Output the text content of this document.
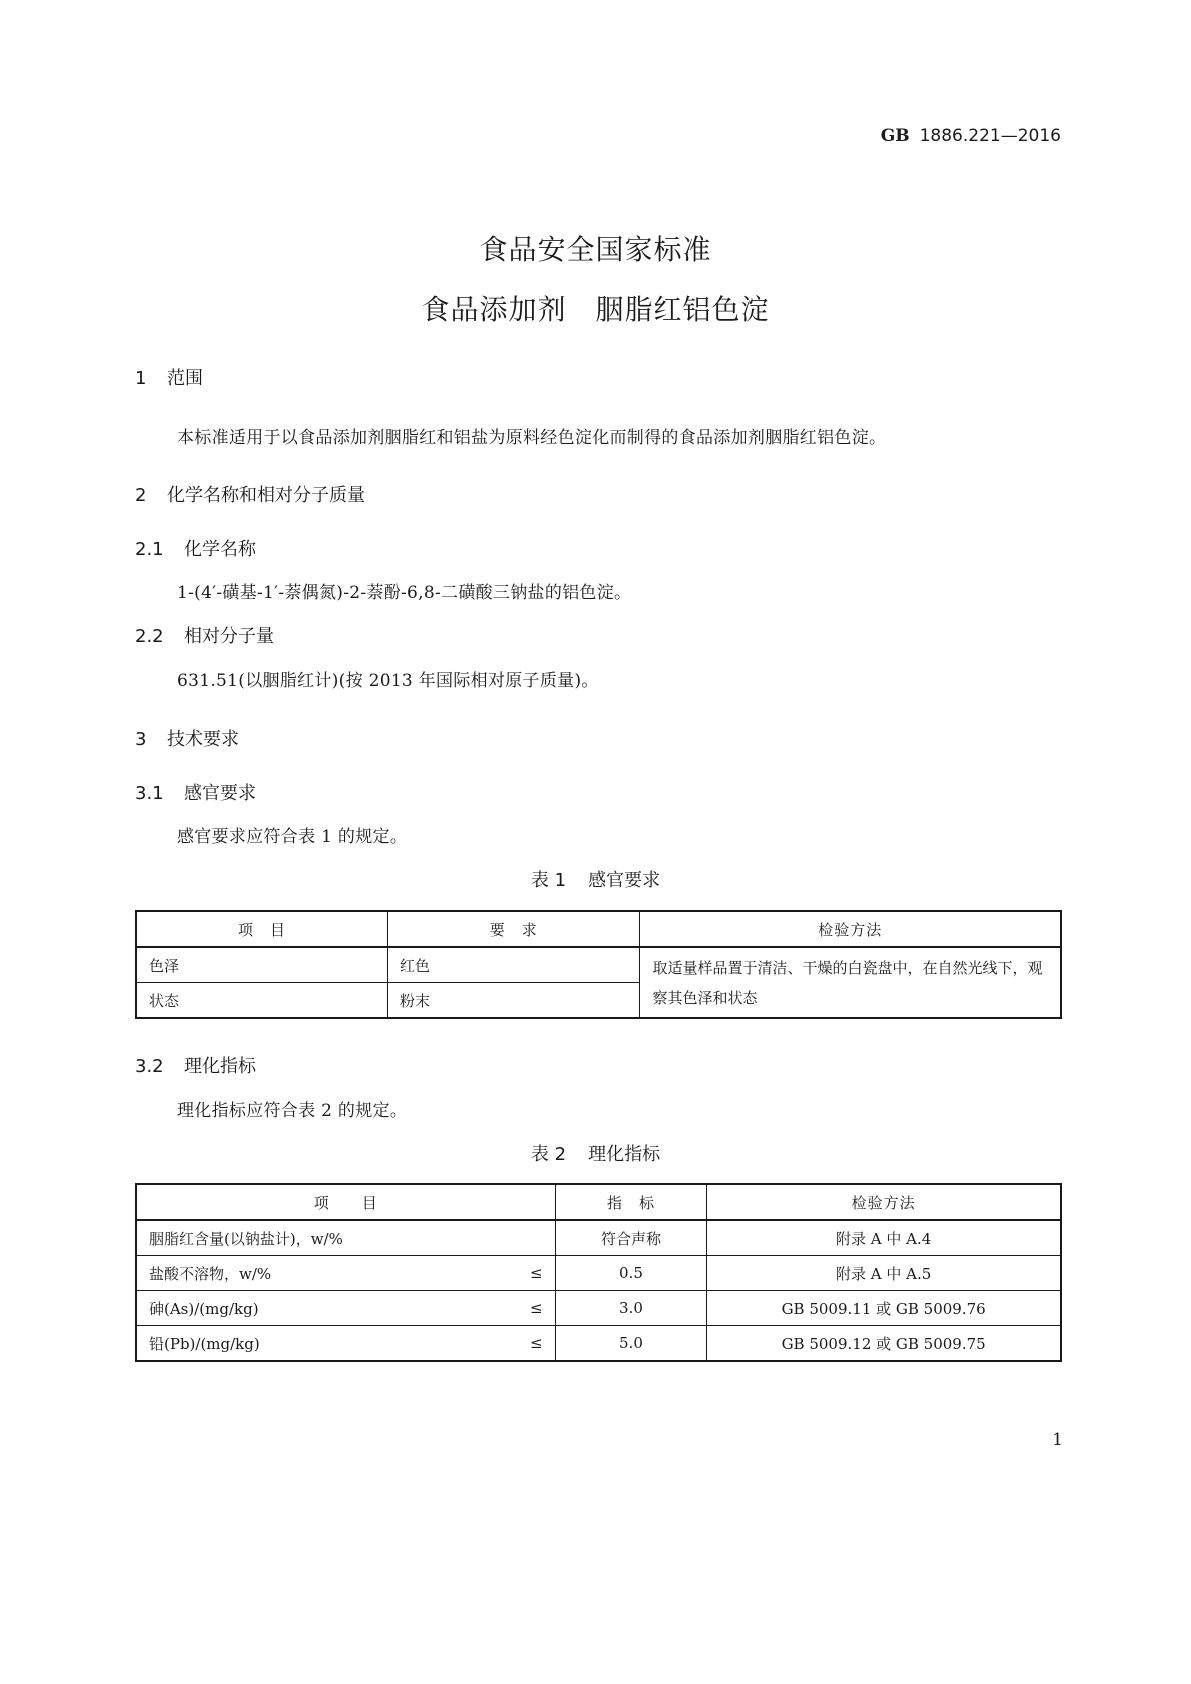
GB 1886.221—2016
食品安全国家标准
食品添加剂　胭脂红铝色淀
1 范围
本标准适用于以食品添加剂胭脂红和铝盐为原料经色淀化而制得的食品添加剂胭脂红铝色淀。
2 化学名称和相对分子质量
2.1 化学名称
1-(4′-磺基-1′-萘偶氮)-2-萘酚-6,8-二磺酸三钠盐的铝色淀。
2.2 相对分子量
631.51(以胭脂红计)(按 2013 年国际相对原子质量)。
3 技术要求
3.1 感官要求
感官要求应符合表 1 的规定。
表 1 感官要求
项　目	要　求	检验方法
色泽	红色	取适量样品置于清洁、干燥的白瓷盘中，在自然光线下，观察其色泽和状态
状态	粉末	
3.2 理化指标
理化指标应符合表 2 的规定。
表 2 理化指标
项　　目	指　标	检验方法
胭脂红含量(以钠盐计)，w/%	符合声称	附录 A 中 A.4
盐酸不溶物，w/% ≤	0.5	附录 A 中 A.5
砷(As)/(mg/kg) ≤	3.0	GB 5009.11 或 GB 5009.76
铅(Pb)/(mg/kg) ≤	5.0	GB 5009.12 或 GB 5009.75
1
